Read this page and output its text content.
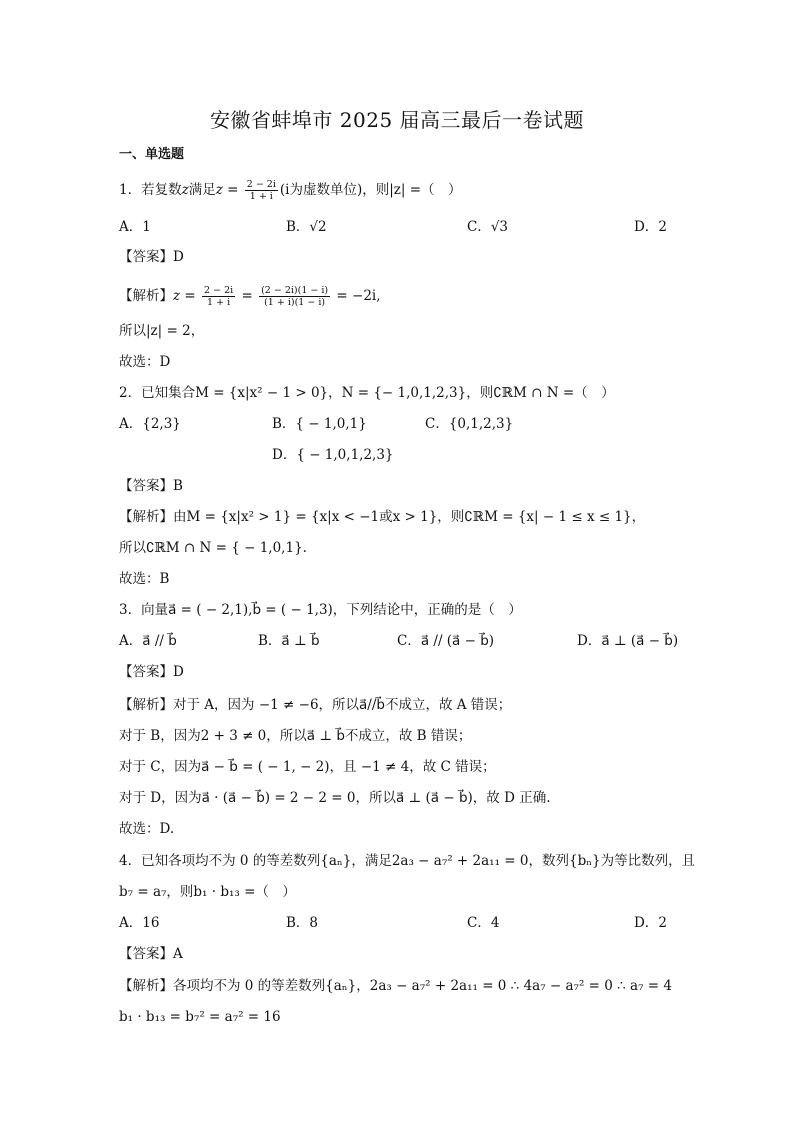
安徽省蚌埠市 2025 届高三最后一卷试题
一、单选题
1．若复数z满足$z = \frac{2 - 2i}{1 + i} (i$为虚数单位)，则|z| =（　）
A．1	B．√2	C．√3	D．2
【答案】D
【解析】$z = \frac{2 - 2i}{1 + i} = \frac{(2 - 2i)(1 - i)}{(1 + i)(1 - i)} = -2i$,
所以|z| = 2，
故选：D
2．已知集合M = {x|x² − 1 > 0}，N = {− 1,0,1,2,3}，则∁ℝM ∩ N =（　）
A．{2,3}	B．{ − 1,0,1}	C．{0,1,2,3}
D．{ − 1,0,1,2,3}
【答案】B
【解析】由M = {x|x² > 1} = {x|x < −1或x > 1}，则∁ℝM = {x| − 1 ≤ x ≤ 1}，
所以∁ℝM ∩ N = { − 1,0,1}.
故选：B
3．向量a⃗ = ( − 2,1),b⃗ = ( − 1,3)，下列结论中，正确的是（　）
A．a⃗ // b⃗	B．a⃗ ⊥ b⃗	C．a⃗ // (a⃗ − b⃗)	D．a⃗ ⊥ (a⃗ − b⃗)
【答案】D
【解析】对于 A，因为 −1 ≠ −6，所以a⃗//b⃗不成立，故 A 错误；
对于 B，因为2 + 3 ≠ 0，所以a⃗ ⊥ b⃗不成立，故 B 错误；
对于 C，因为a⃗ − b⃗ = ( − 1, − 2)，且 −1 ≠ 4，故 C 错误；
对于 D，因为a⃗ · (a⃗ − b⃗) = 2 − 2 = 0，所以a⃗ ⊥ (a⃗ − b⃗)，故 D 正确.
故选：D.
4．已知各项均不为 0 的等差数列{aₙ}，满足2a₃ − a₇² + 2a₁₁ = 0，数列{bₙ}为等比数列，且
b₇ = a₇，则b₁ · b₁₃ =（　）
A．16	B．8	C．4	D．2
【答案】A
【解析】各项均不为 0 的等差数列{aₙ}，2a₃ − a₇² + 2a₁₁ = 0 ∴ 4a₇ − a₇² = 0 ∴ a₇ = 4
b₁ · b₁₃ = b₇² = a₇² = 16
